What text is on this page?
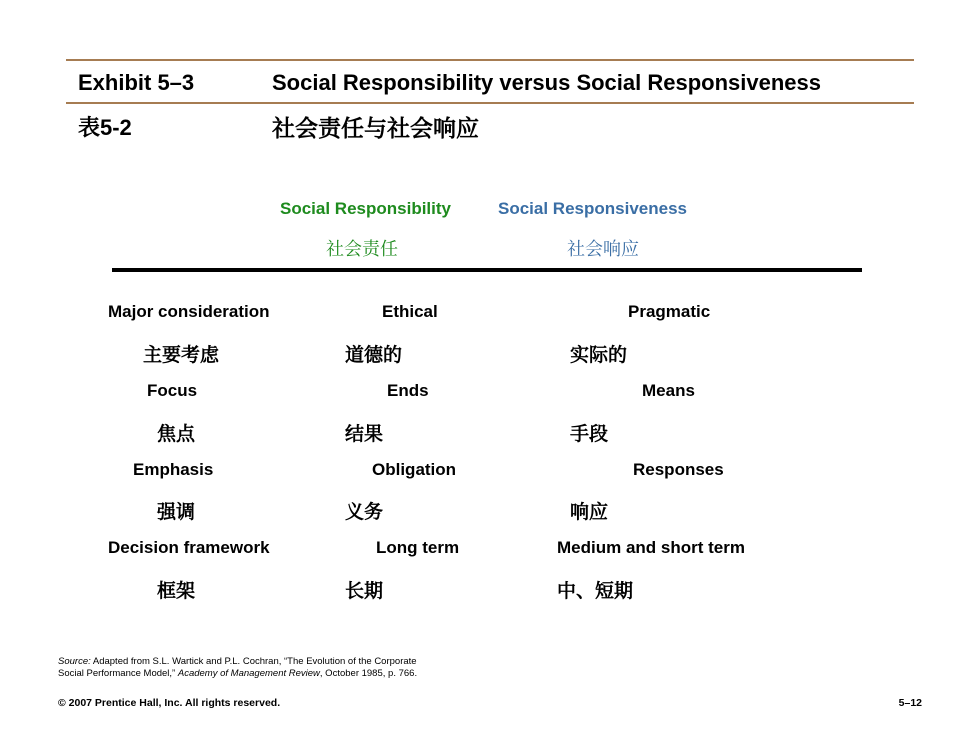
Exhibit 5–3	Social Responsibility versus Social Responsiveness
表5-2	社会责任与社会响应
Social Responsibility	Social Responsiveness
社会责任	社会响应
Major consideration	Ethical	Pragmatic
主要考虑	道德的	实际的
Focus	Ends	Means
焦点	结果	手段
Emphasis	Obligation	Responses
强调	义务	响应
Decision framework	Long term	Medium and short term
框架	长期	中、短期
Source: Adapted from S.L. Wartick and P.L. Cochran, “The Evolution of the Corporate
Social Performance Model,” Academy of Management Review, October 1985, p. 766.
© 2007 Prentice Hall, Inc. All rights reserved.	5–12
